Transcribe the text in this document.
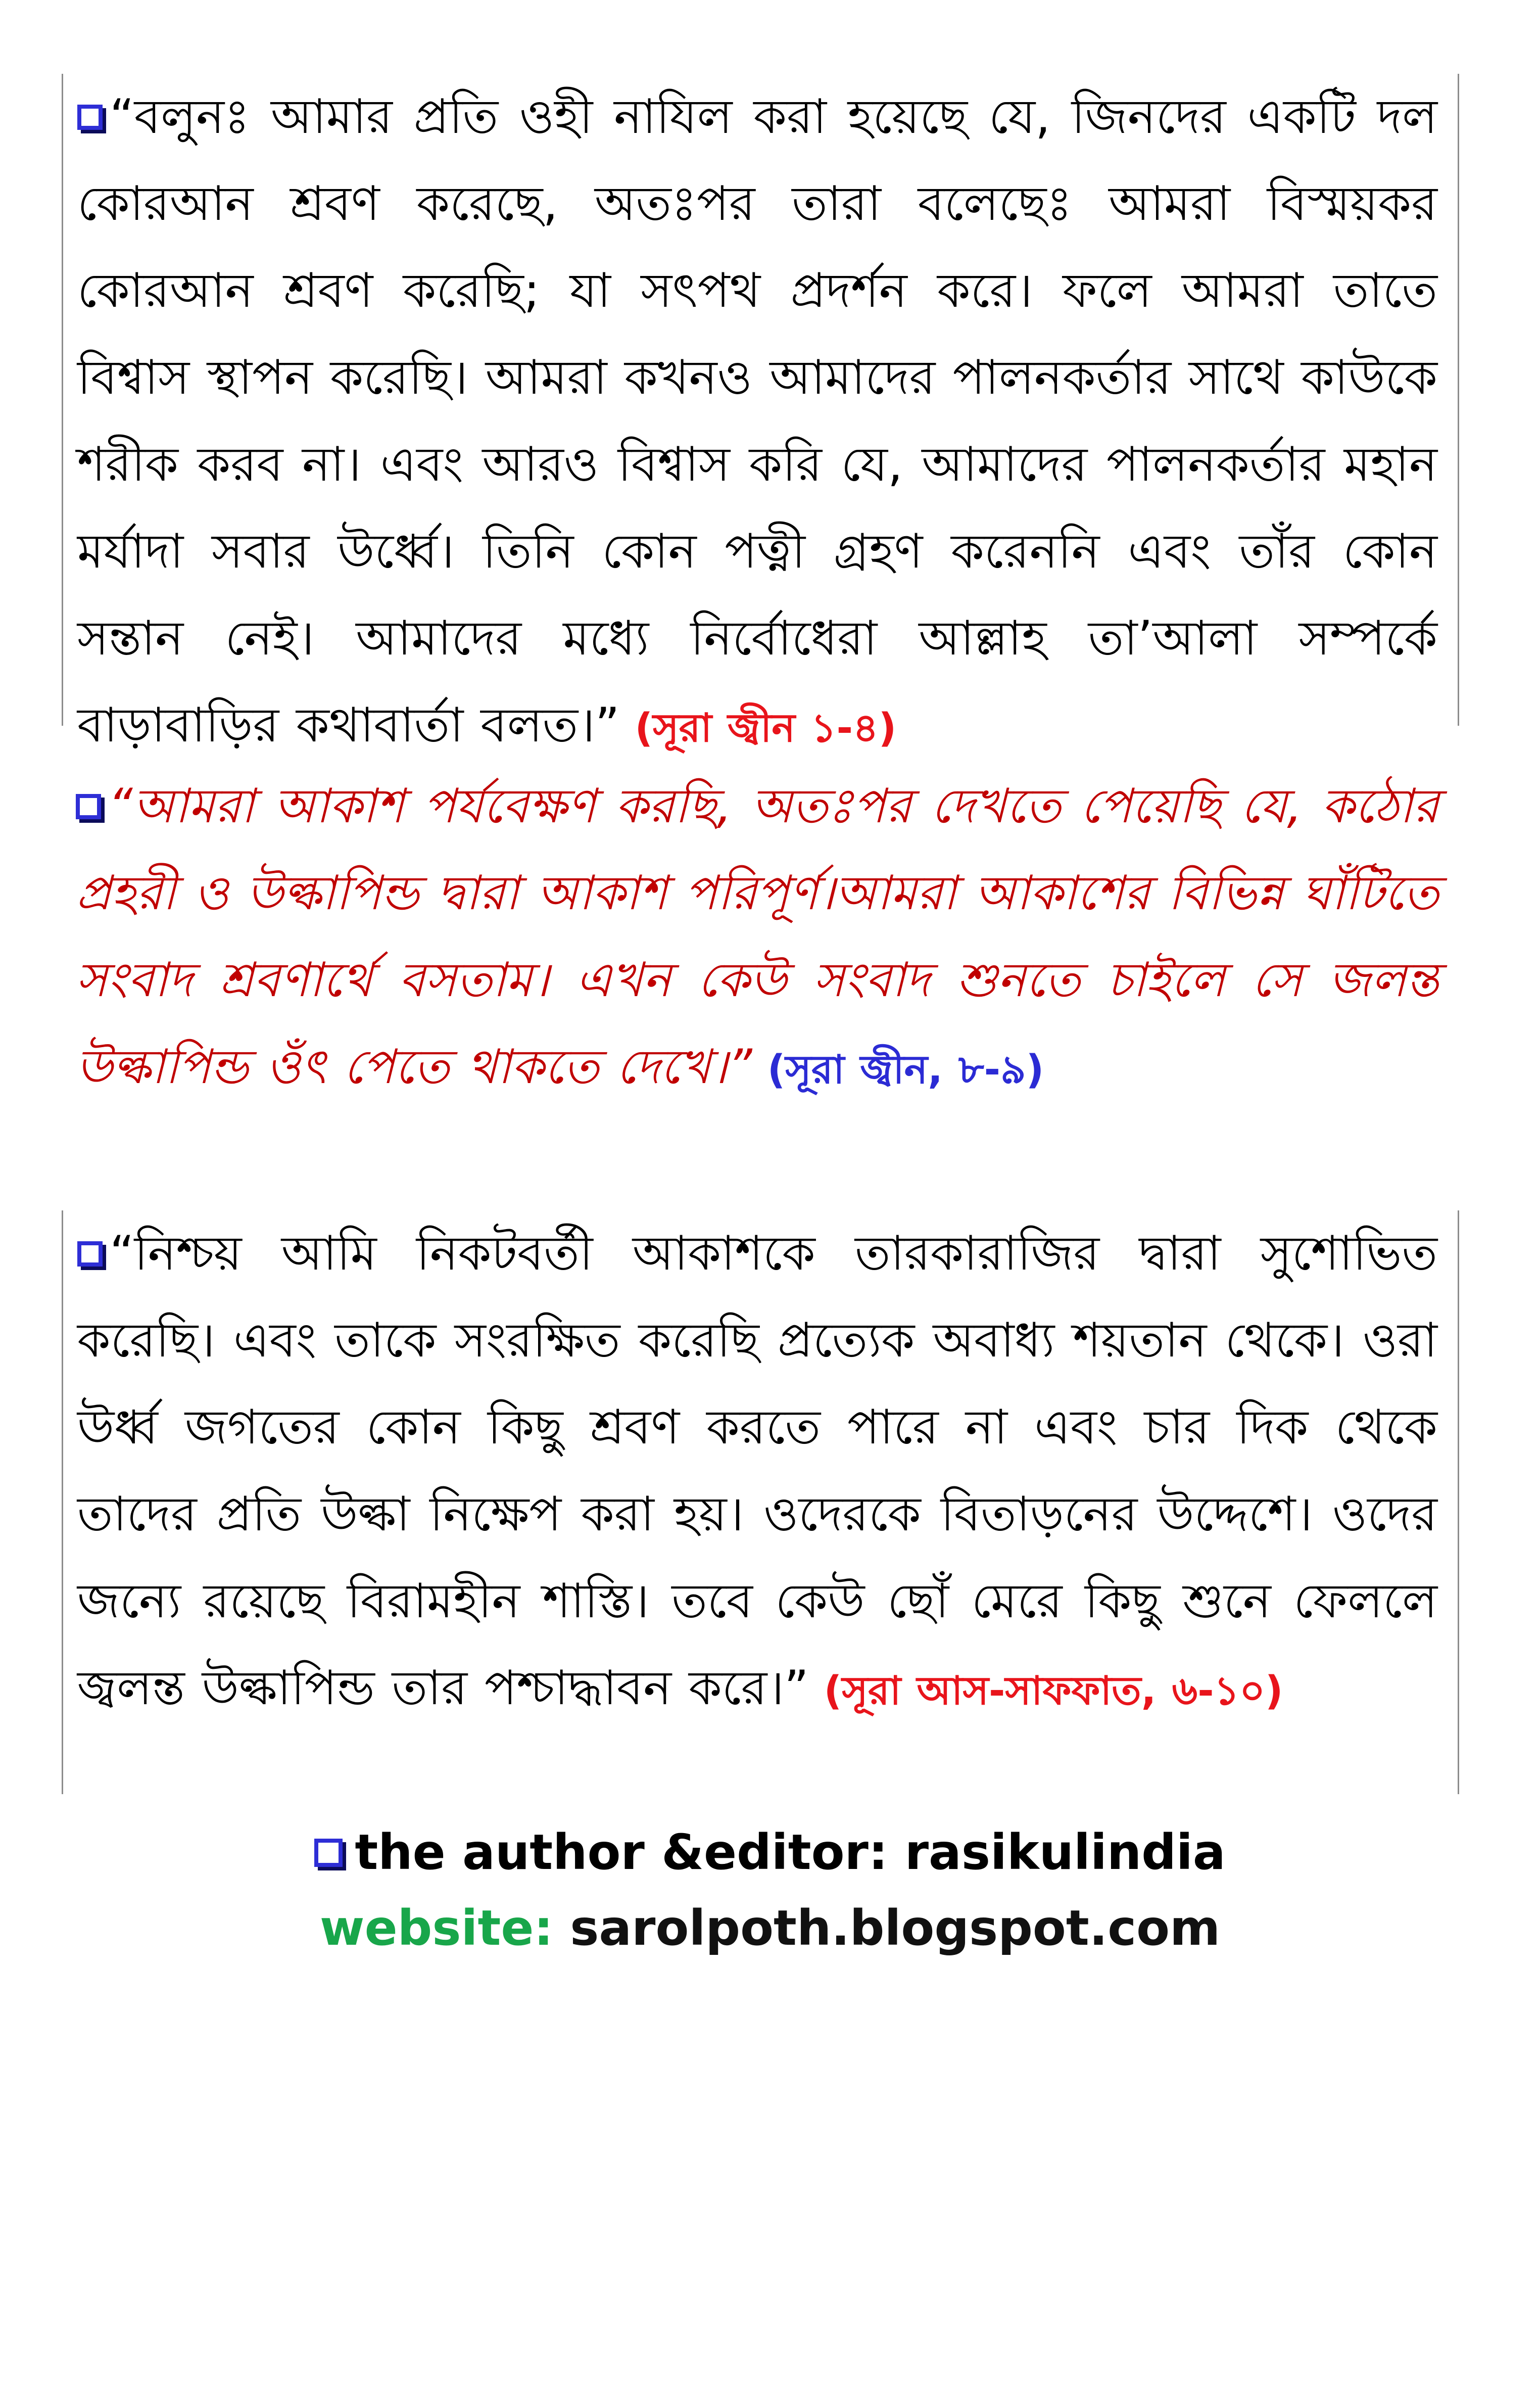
“বলুনঃ আমার প্রতি ওহী নাযিল করা হয়েছে যে, জিনদের একটি দল কোরআন শ্রবণ করেছে, অতঃপর তারা বলেছেঃ আমরা বিস্ময়কর কোরআন শ্রবণ করেছি; যা সৎপথ প্রদর্শন করে। ফলে আমরা তাতে বিশ্বাস স্থাপন করেছি। আমরা কখনও আমাদের পালনকর্তার সাথে কাউকে শরীক করব না। এবং আরও বিশ্বাস করি যে, আমাদের পালনকর্তার মহান মর্যাদা সবার উর্ধ্বে। তিনি কোন পত্নী গ্রহণ করেননি এবং তাঁর কোন সন্তান নেই। আমাদের মধ্যে নির্বোধেরা আল্লাহ তা’আলা সম্পর্কে বাড়াবাড়ির কথাবার্তা বলত।” (সূরা জ্বীন ১-৪)

“আমরা আকাশ পর্যবেক্ষণ করছি, অতঃপর দেখতে পেয়েছি যে, কঠোর প্রহরী ও উল্কাপিন্ড দ্বারা আকাশ পরিপূর্ণ।আমরা আকাশের বিভিন্ন ঘাঁটিতে সংবাদ শ্রবণার্থে বসতাম। এখন কেউ সংবাদ শুনতে চাইলে সে জলন্ত উল্কাপিন্ড ওঁৎ পেতে থাকতে দেখে।” (সূরা জ্বীন, ৮-৯)

“নিশ্চয় আমি নিকটবর্তী আকাশকে তারকারাজির দ্বারা সুশোভিত করেছি। এবং তাকে সংরক্ষিত করেছি প্রত্যেক অবাধ্য শয়তান থেকে। ওরা উর্ধ্ব জগতের কোন কিছু শ্রবণ করতে পারে না এবং চার দিক থেকে তাদের প্রতি উল্কা নিক্ষেপ করা হয়। ওদেরকে বিতাড়নের উদ্দেশে। ওদের জন্যে রয়েছে বিরামহীন শাস্তি। তবে কেউ ছোঁ মেরে কিছু শুনে ফেললে জ্বলন্ত উল্কাপিন্ড তার পশ্চাদ্ধাবন করে।” (সূরা আস-সাফফাত, ৬-১০)

the author &editor: rasikulindia
website: sarolpoth.blogspot.com
